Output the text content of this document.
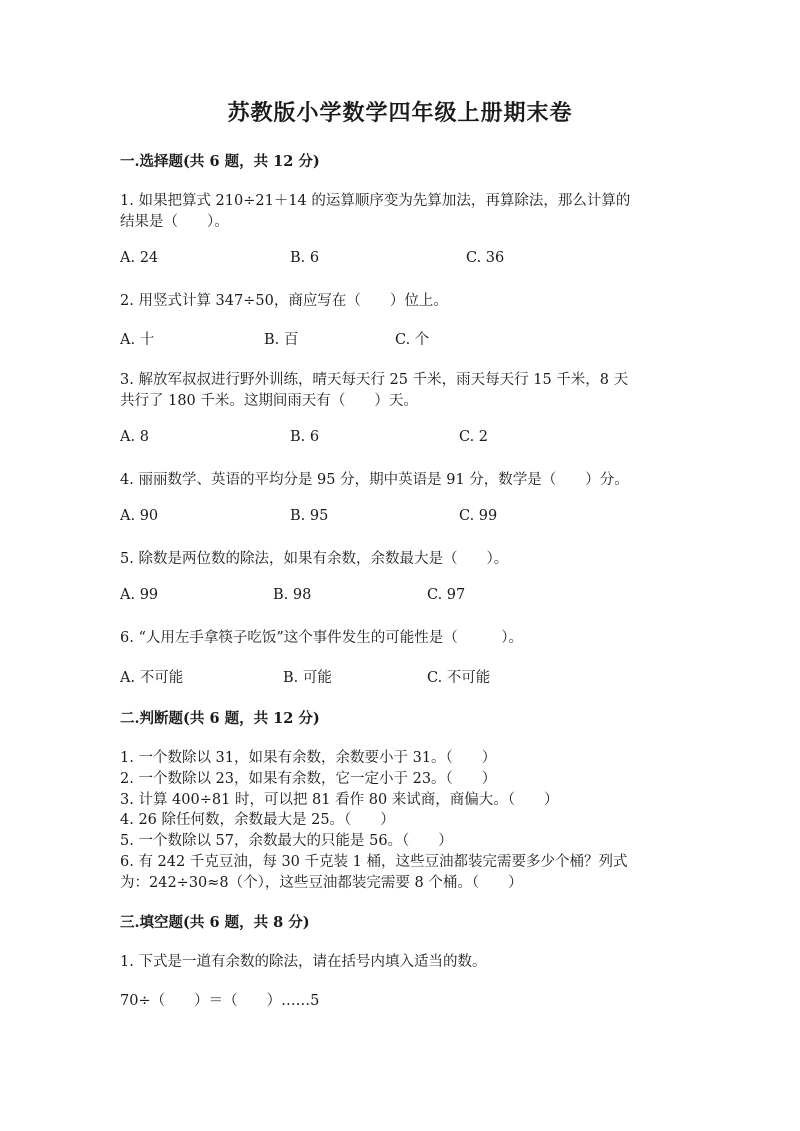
苏教版小学数学四年级上册期末卷
一.选择题(共 6 题，共 12 分)
1. 如果把算式 210÷21＋14 的运算顺序变为先算加法，再算除法，那么计算的
结果是（　　）。
A. 24	B. 6	C. 36
2. 用竖式计算 347÷50，商应写在（　　）位上。
A. 十	B. 百	C. 个
3. 解放军叔叔进行野外训练，晴天每天行 25 千米，雨天每天行 15 千米，8 天
共行了 180 千米。这期间雨天有（　　）天。
A. 8	B. 6	C. 2
4. 丽丽数学、英语的平均分是 95 分，期中英语是 91 分，数学是（　　）分。
A. 90	B. 95	C. 99
5. 除数是两位数的除法，如果有余数，余数最大是（　　）。
A. 99	B. 98	C. 97
6. “人用左手拿筷子吃饭”这个事件发生的可能性是（　　　）。
A. 不可能	B. 可能	C. 不可能
二.判断题(共 6 题，共 12 分)
1. 一个数除以 31，如果有余数，余数要小于 31。（　　）
2. 一个数除以 23，如果有余数，它一定小于 23。（　　）
3. 计算 400÷81 时，可以把 81 看作 80 来试商，商偏大。（　　）
4. 26 除任何数，余数最大是 25。（　　）
5. 一个数除以 57，余数最大的只能是 56。（　　）
6. 有 242 千克豆油，每 30 千克装 1 桶，这些豆油都装完需要多少个桶？列式
为：242÷30≈8（个），这些豆油都装完需要 8 个桶。（　　）
三.填空题(共 6 题，共 8 分)
1. 下式是一道有余数的除法，请在括号内填入适当的数。
70÷（　　）＝（　　）……5
